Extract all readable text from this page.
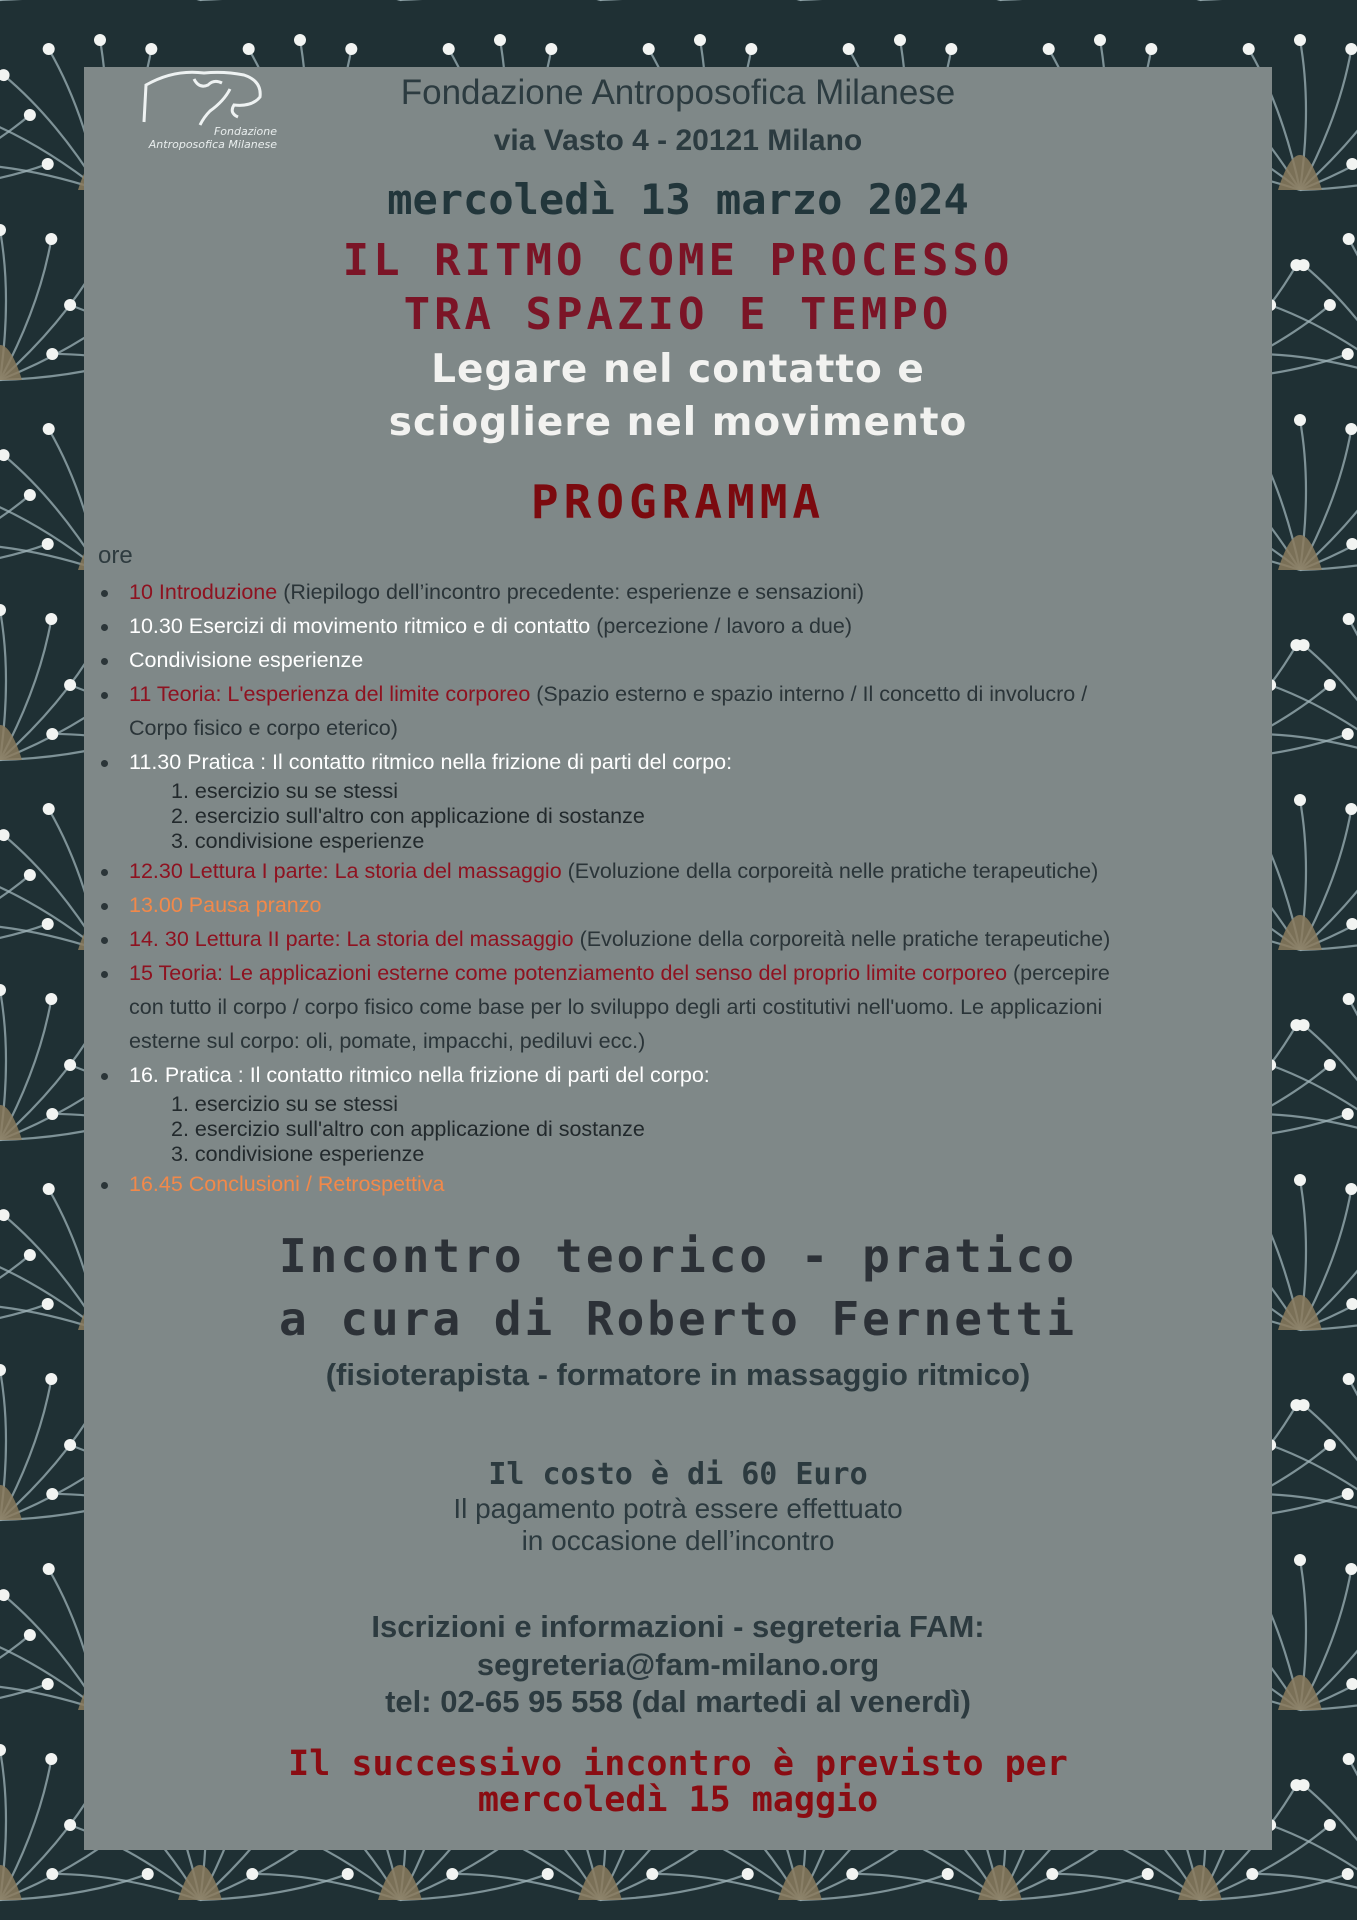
Fondazione
Antroposofica Milanese
Fondazione Antroposofica Milanese
via Vasto 4 - 20121 Milano
mercoledì 13 marzo 2024
IL RITMO COME PROCESSO
TRA SPAZIO E TEMPO
Legare nel contatto e
sciogliere nel movimento
PROGRAMMA
ore
10 Introduzione (Riepilogo dell’incontro precedente: esperienze e sensazioni)
10.30 Esercizi di movimento ritmico e di contatto (percezione / lavoro a due)
Condivisione esperienze
11 Teoria: L'esperienza del limite corporeo (Spazio esterno e spazio interno / Il concetto di involucro /
Corpo fisico e corpo eterico)
11.30 Pratica : Il contatto ritmico nella frizione di parti del corpo:
1. esercizio su se stessi
2. esercizio sull'altro con applicazione di sostanze
3. condivisione esperienze
12.30 Lettura I parte: La storia del massaggio (Evoluzione della corporeità nelle pratiche terapeutiche)
13.00 Pausa pranzo
14. 30 Lettura II parte: La storia del massaggio (Evoluzione della corporeità nelle pratiche terapeutiche)
15 Teoria: Le applicazioni esterne come potenziamento del senso del proprio limite corporeo (percepire
con tutto il corpo / corpo fisico come base per lo sviluppo degli arti costitutivi nell'uomo. Le applicazioni
esterne sul corpo: oli, pomate, impacchi, pediluvi ecc.)
16. Pratica : Il contatto ritmico nella frizione di parti del corpo:
1. esercizio su se stessi
2. esercizio sull'altro con applicazione di sostanze
3. condivisione esperienze
16.45 Conclusioni / Retrospettiva
Incontro teorico - pratico
a cura di Roberto Fernetti
(fisioterapista - formatore in massaggio ritmico)
Il costo è di 60 Euro
Il pagamento potrà essere effettuato
in occasione dell’incontro
Iscrizioni e informazioni - segreteria FAM:
segreteria@fam-milano.org
tel: 02-65 95 558 (dal martedi al venerdì)
Il successivo incontro è previsto per
mercoledì 15 maggio
